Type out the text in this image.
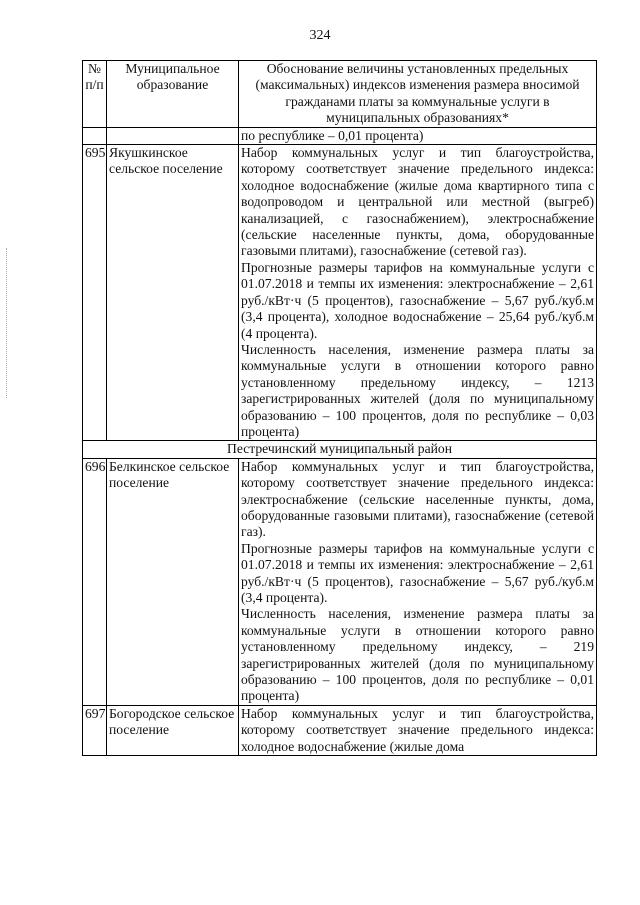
324
№ п/п	Муниципальное образование	Обоснование величины установленных предельных (максимальных) индексов изменения размера вносимой гражданами платы за коммунальные услуги в муниципальных образованиях*
		по республике – 0,01 процента)
695	Якушкинское сельское поселение	Набор коммунальных услуг и тип благоустройства, которому соответствует значение предельного индекса: холодное водоснабжение (жилые дома квартирного типа с водопроводом и центральной или местной (выгреб) канализацией, с газоснабжением), электроснабжение (сельские населенные пункты, дома, оборудованные газовыми плитами), газоснабжение (сетевой газ).
Прогнозные размеры тарифов на коммунальные услуги с 01.07.2018 и темпы их изменения: электроснабжение – 2,61 руб./кВт·ч (5 процентов), газоснабжение – 5,67 руб./куб.м (3,4 процента), холодное водоснабжение – 25,64 руб./куб.м (4 процента).
Численность населения, изменение размера платы за коммунальные услуги в отношении которого равно установленному предельному индексу, – 1213 зарегистрированных жителей (доля по муниципальному образованию – 100 процентов, доля по республике – 0,03 процента)

Пестречинский муниципальный район		
696	Белкинское сельское поселение	Набор коммунальных услуг и тип благоустройства, которому соответствует значение предельного индекса: электроснабжение (сельские населенные пункты, дома, оборудованные газовыми плитами), газоснабжение (сетевой газ).
Прогнозные размеры тарифов на коммунальные услуги с 01.07.2018 и темпы их изменения: электроснабжение – 2,61 руб./кВт·ч (5 процентов), газоснабжение – 5,67 руб./куб.м (3,4 процента).
Численность населения, изменение размера платы за коммунальные услуги в отношении которого равно установленному предельному индексу, – 219 зарегистрированных жителей (доля по муниципальному образованию – 100 процентов, доля по республике – 0,01 процента)

697	Богородское сельское поселение	Набор коммунальных услуг и тип благоустройства, которому соответствует значение предельного индекса: холодное водоснабжение (жилые дома
